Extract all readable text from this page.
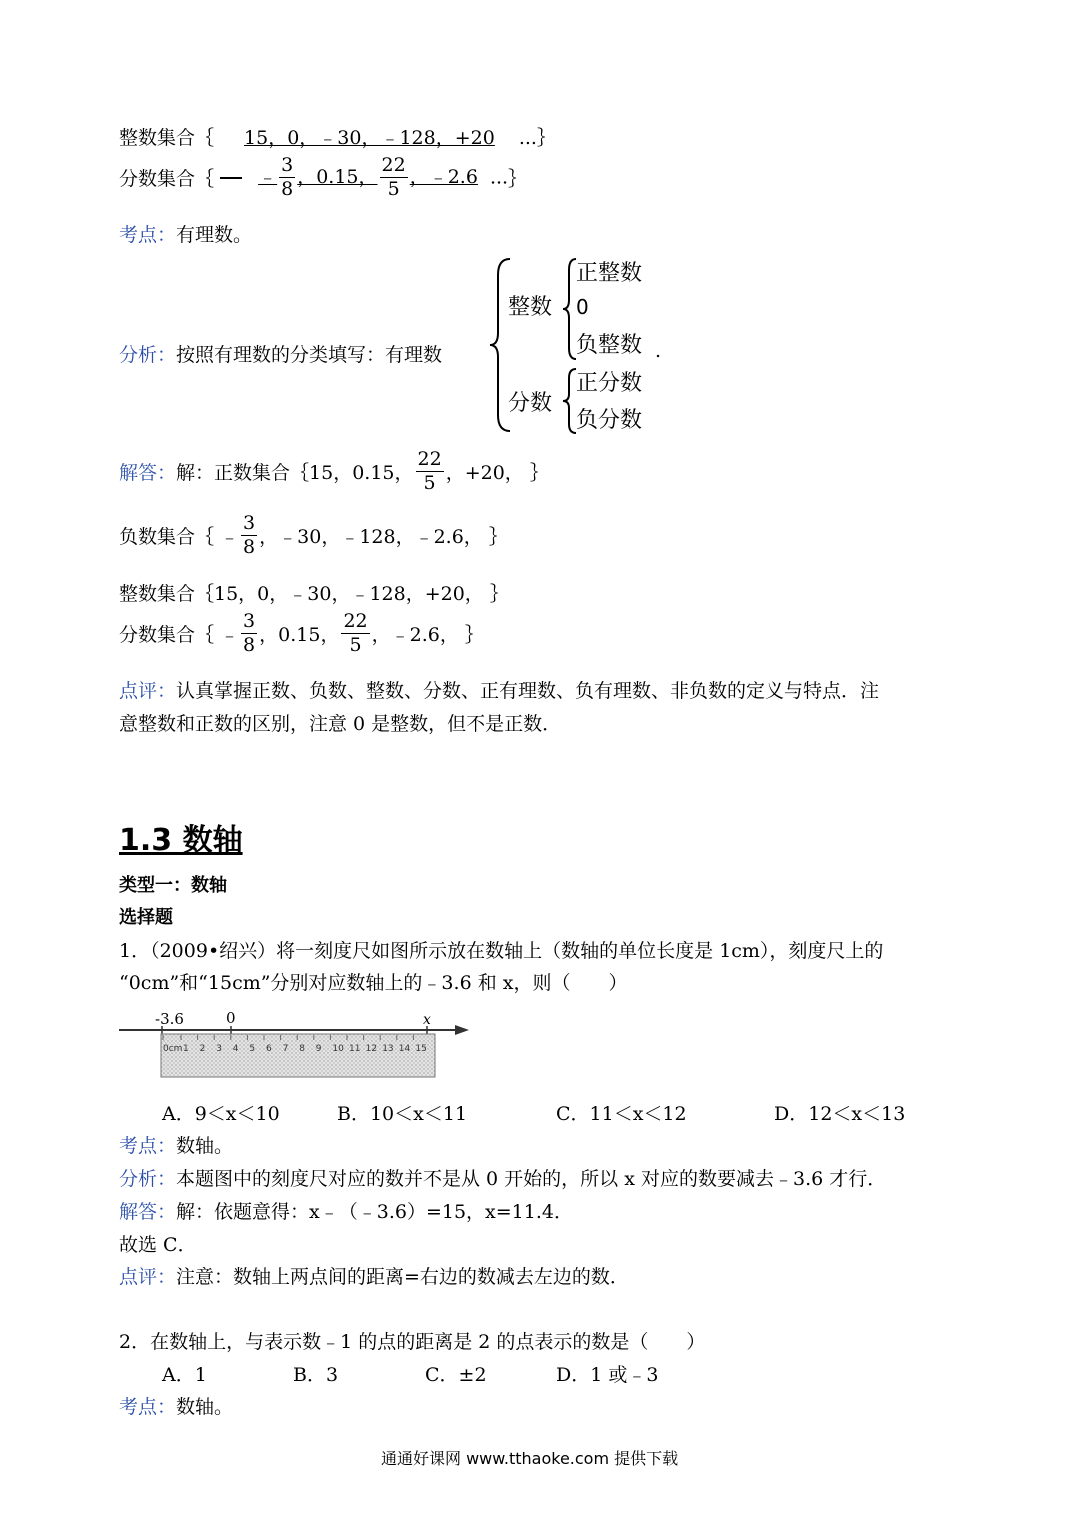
整数集合｛ 15，0，﹣30，﹣128，+20 ...｝
分数集合｛ ﹣ $\frac{3}{8}$ ，0.15， $\frac{22}{5}$ ，﹣2.6 ...｝
考点：有理数。
分析：按照有理数的分类填写：有理数
整数
正整数
0
负整数 .
分数
正分数
负分数
解答：解：正数集合｛15，0.15， $\frac{22}{5}$ ，+20， ｝
负数集合｛ ﹣ $\frac{3}{8}$ ，﹣30，﹣128，﹣2.6， ｝
整数集合｛15，0，﹣30，﹣128，+20， ｝
分数集合｛ ﹣ $\frac{3}{8}$ ，0.15， $\frac{22}{5}$ ，﹣2.6， ｝
点评：认真掌握正数、负数、整数、分数、正有理数、负有理数、非负数的定义与特点．注
意整数和正数的区别，注意 0 是整数，但不是正数．
1.3 数轴
类型一：数轴
选择题
1．（2009•绍兴）将一刻度尺如图所示放在数轴上（数轴的单位长度是 1cm），刻度尺上的
“0cm”和“15cm”分别对应数轴上的﹣3.6 和 x，则（　　）
-3.6	0	x
0cm 1 2 3 4 5 6 7 8 9 10 11 12 13 14 15
A．9＜x＜10	B．10＜x＜11	C．11＜x＜12	D．12＜x＜13
考点：数轴。
分析：本题图中的刻度尺对应的数并不是从 0 开始的，所以 x 对应的数要减去﹣3.6 才行．
解答：解：依题意得：x﹣（﹣3.6）=15，x=11.4．
故选 C．
点评：注意：数轴上两点间的距离=右边的数减去左边的数．
2．在数轴上，与表示数﹣1 的点的距离是 2 的点表示的数是（　　）
A．1	B．3	C．±2	D．1 或﹣3
考点：数轴。
通通好课网 www.tthaoke.com 提供下载
